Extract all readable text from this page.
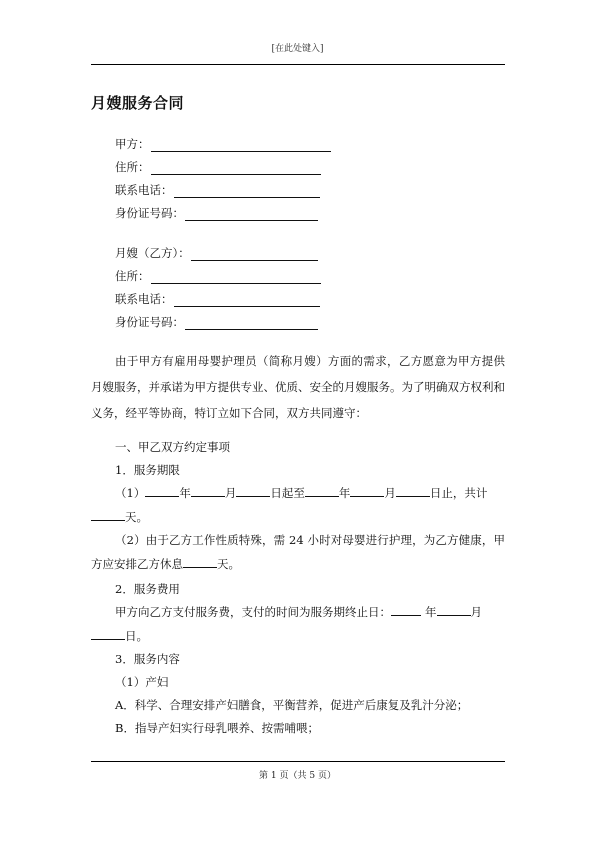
[在此处键入]
月嫂服务合同
甲方：
住所：
联系电话：
身份证号码：
月嫂（乙方）：
住所：
联系电话：
身份证号码：
由于甲方有雇用母婴护理员（简称月嫂）方面的需求，乙方愿意为甲方提供月嫂服务，并承诺为甲方提供专业、优质、安全的月嫂服务。为了明确双方权利和义务，经平等协商，特订立如下合同，双方共同遵守：
一、甲乙双方约定事项
1．服务期限
（1）	年	月	日起至	年	月	日止，共计
天。
（2）由于乙方工作性质特殊，需 24 小时对母婴进行护理，为乙方健康，甲方应安排乙方休息	天。
2．服务费用
甲方向乙方支付服务费，支付的时间为服务期终止日：	年	月
日。
3．服务内容
（1）产妇
A．科学、合理安排产妇膳食，平衡营养，促进产后康复及乳汁分泌；
B．指导产妇实行母乳喂养、按需哺喂；
第 1 页（共 5 页）
